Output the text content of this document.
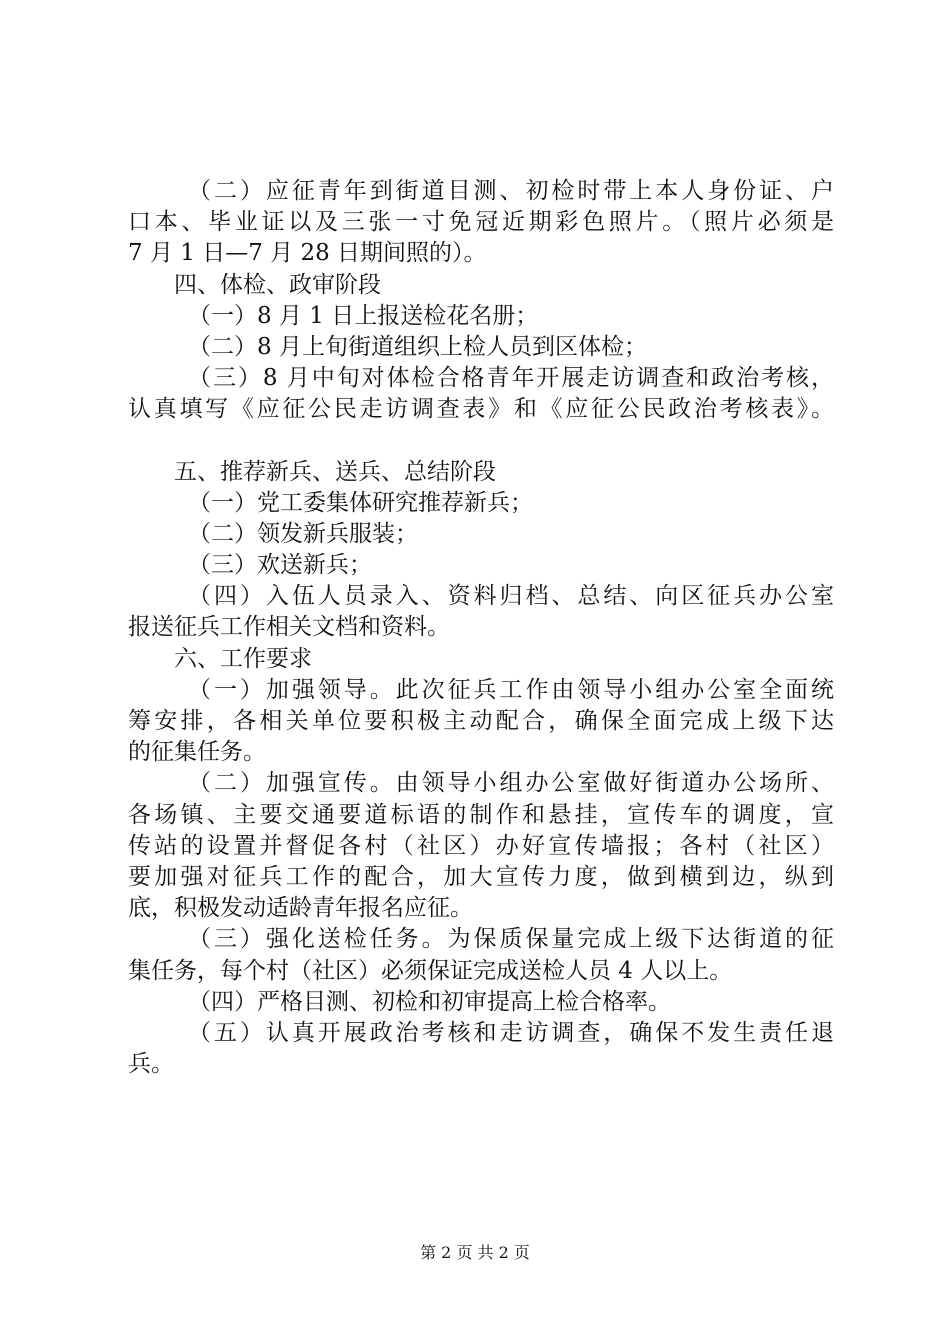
（二）应征青年到街道目测、初检时带上本人身份证、户
口本、毕业证以及三张一寸免冠近期彩色照片。（照片必须是
7 月 1 日—7 月 28 日期间照的）。
四、体检、政审阶段
（一）8 月 1 日上报送检花名册；
（二）8 月上旬街道组织上检人员到区体检；
（三）8 月中旬对体检合格青年开展走访调查和政治考核，
认真填写《应征公民走访调查表》和《应征公民政治考核表》。
五、推荐新兵、送兵、总结阶段
（一）党工委集体研究推荐新兵；
（二）领发新兵服装；
（三）欢送新兵；
（四）入伍人员录入、资料归档、总结、向区征兵办公室
报送征兵工作相关文档和资料。
六、工作要求
（一）加强领导。此次征兵工作由领导小组办公室全面统
筹安排，各相关单位要积极主动配合，确保全面完成上级下达
的征集任务。
（二）加强宣传。由领导小组办公室做好街道办公场所、
各场镇、主要交通要道标语的制作和悬挂，宣传车的调度，宣
传站的设置并督促各村（社区）办好宣传墙报；各村（社区）
要加强对征兵工作的配合，加大宣传力度，做到横到边，纵到
底，积极发动适龄青年报名应征。
（三）强化送检任务。为保质保量完成上级下达街道的征
集任务，每个村（社区）必须保证完成送检人员 4 人以上。
（四）严格目测、初检和初审提高上检合格率。
（五）认真开展政治考核和走访调查，确保不发生责任退
兵。
第 2 页 共 2 页
